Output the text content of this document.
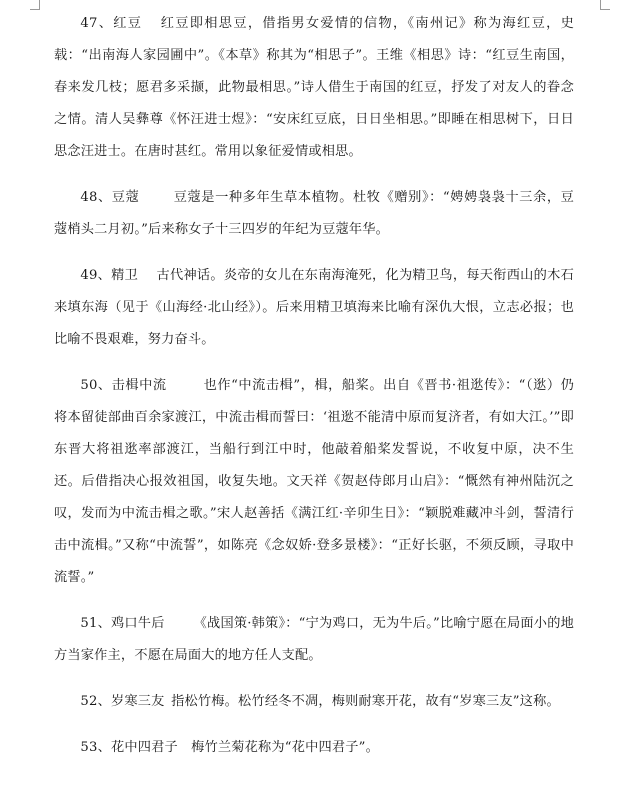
47、红豆 红豆即相思豆，借指男女爱情的信物，《南州记》称为海红豆，史载：“出南海人家园圃中”。《本草》称其为“相思子”。王维《相思》诗：“红豆生南国，春来发几枝；愿君多采撷，此物最相思。”诗人借生于南国的红豆，抒发了对友人的眷念之情。清人吴彝尊《怀汪进士煜》：“安床红豆底，日日坐相思。”即睡在相思树下，日日思念汪进士。在唐时甚红。常用以象征爱情或相思。

48、豆蔻	豆蔻是一种多年生草本植物。杜牧《赠别》：“娉娉袅袅十三余，豆蔻梢头二月初。”后来称女子十三四岁的年纪为豆蔻年华。

49、精卫 古代神话。炎帝的女儿在东南海淹死，化为精卫鸟，每天衔西山的木石来填东海（见于《山海经·北山经》）。后来用精卫填海来比喻有深仇大恨，立志必报；也比喻不畏艰难，努力奋斗。

50、击楫中流	也作“中流击楫”，楫，船桨。出自《晋书·祖逖传》：“（逖）仍将本留徒部曲百余家渡江，中流击楫而誓曰：‘祖逖不能清中原而复济者，有如大江。’”即东晋大将祖逖率部渡江，当船行到江中时，他敲着船桨发誓说，不收复中原，决不生还。后借指决心报效祖国，收复失地。文天祥《贺赵侍郎月山启》：“慨然有神州陆沉之叹，发而为中流击楫之歌。”宋人赵善括《满江红·辛卯生日》：“颖脱难藏冲斗剑，誓清行击中流楫。”又称“中流誓”，如陈亮《念奴娇·登多景楼》：“正好长驱，不须反顾，寻取中流誓。”

51、鸡口牛后 《战国策·韩策》：“宁为鸡口，无为牛后。”比喻宁愿在局面小的地方当家作主，不愿在局面大的地方任人支配。

52、岁寒三友 指松竹梅。松竹经冬不凋，梅则耐寒开花，故有“岁寒三友”这称。

53、花中四君子 梅竹兰菊花称为“花中四君子”。
